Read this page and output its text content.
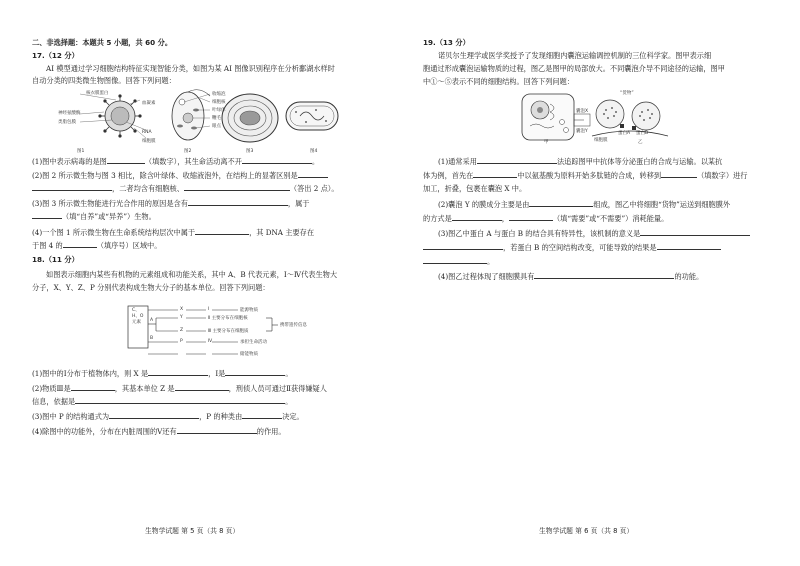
二、非选择题：本题共 5 小题，共 60 分。
17.（12 分）
AI 模型通过学习细胞结构特征实现智能分类，如图为某 AI 图像识别程序在分析鄱湖水样时
自动分类的四类微生物图像。回答下列问题：
核衣膜蛋白
血凝素
神经氨酸酶
类脂包膜
RNA
细胞膜
收缩泡
叶绿体
鞭毛
眼点
细胞核
图1	图2	图3	图4
(1)图中表示病毒的是图	（填数字），其生命活动离不开	。
(2)图 2 所示微生物与图 3 相比，除含叶绿体、收缩液泡外，在结构上的显著区别是
，二者均含有细胞核、	（答出 2 点）。
(3)图 3 所示微生物能进行光合作用的原因是含有	，属于
（填“自养”或“异养”）生物。
(4)一个图 1 所示微生物在生命系统结构层次中属于	，其 DNA 主要存在
于图 4 的	（填序号）区域中。
18.（11 分）
如图表示细胞内某些有机物的元素组成和功能关系，其中 A、B 代表元素，Ⅰ～Ⅳ代表生物大
分子，X、Y、Z、P 分别代表构成生物大分子的基本单位。回答下列问题：
C、H、O元素	A
B
X
Y
Z
P
Ⅰ
Ⅱ 主要分布在细胞核
Ⅲ 主要分布在细胞质
Ⅳ
能源物质
携带遗传信息
承担生命活动
储能物质
(1)图中的Ⅰ分布于植物体内，则 X 是	，Ⅰ是	。
(2)物质Ⅲ是	，其基本单位 Z 是	，刑侦人员可通过Ⅱ获得嫌疑人
信息，依据是	。
(3)图中 P 的结构通式为	，P 的种类由	决定。
(4)除图中的功能外，分布在内脏周围的Ⅴ还有	的作用。
生物学试题 第 5 页（共 8 页）
19.（13 分）
诺贝尔生理学或医学奖授予了发现细胞内囊泡运输调控机制的三位科学家。图甲表示细
胞通过形成囊泡运输物质的过程，图乙是图甲的局部放大。不同囊泡介导不同途径的运输，图甲
中①～⑤表示不同的细胞结构。回答下列问题：
“货物”
囊泡X
囊泡Y	蛋白A 蛋白B
细胞膜
甲	乙
(1)通常采用	法追踪图甲中抗体等分泌蛋白的合成与运输。以某抗
体为例，首先在	中以氨基酸为原料开始多肽链的合成，转移到	（填数字）进行
加工，折叠，包裹在囊泡 X 中。
(2)囊泡 Y 的膜成分主要是由	组成，图乙中将细胞“货物”运送到细胞膜外
的方式是	，	（填“需要”或“不需要”）消耗能量。
(3)图乙中蛋白 A 与蛋白 B 的结合具有特异性，该机制的意义是
，若蛋白 B 的空间结构改变，可能导致的结果是
。
(4)图乙过程体现了细胞膜具有	的功能。
生物学试题 第 6 页（共 8 页）
